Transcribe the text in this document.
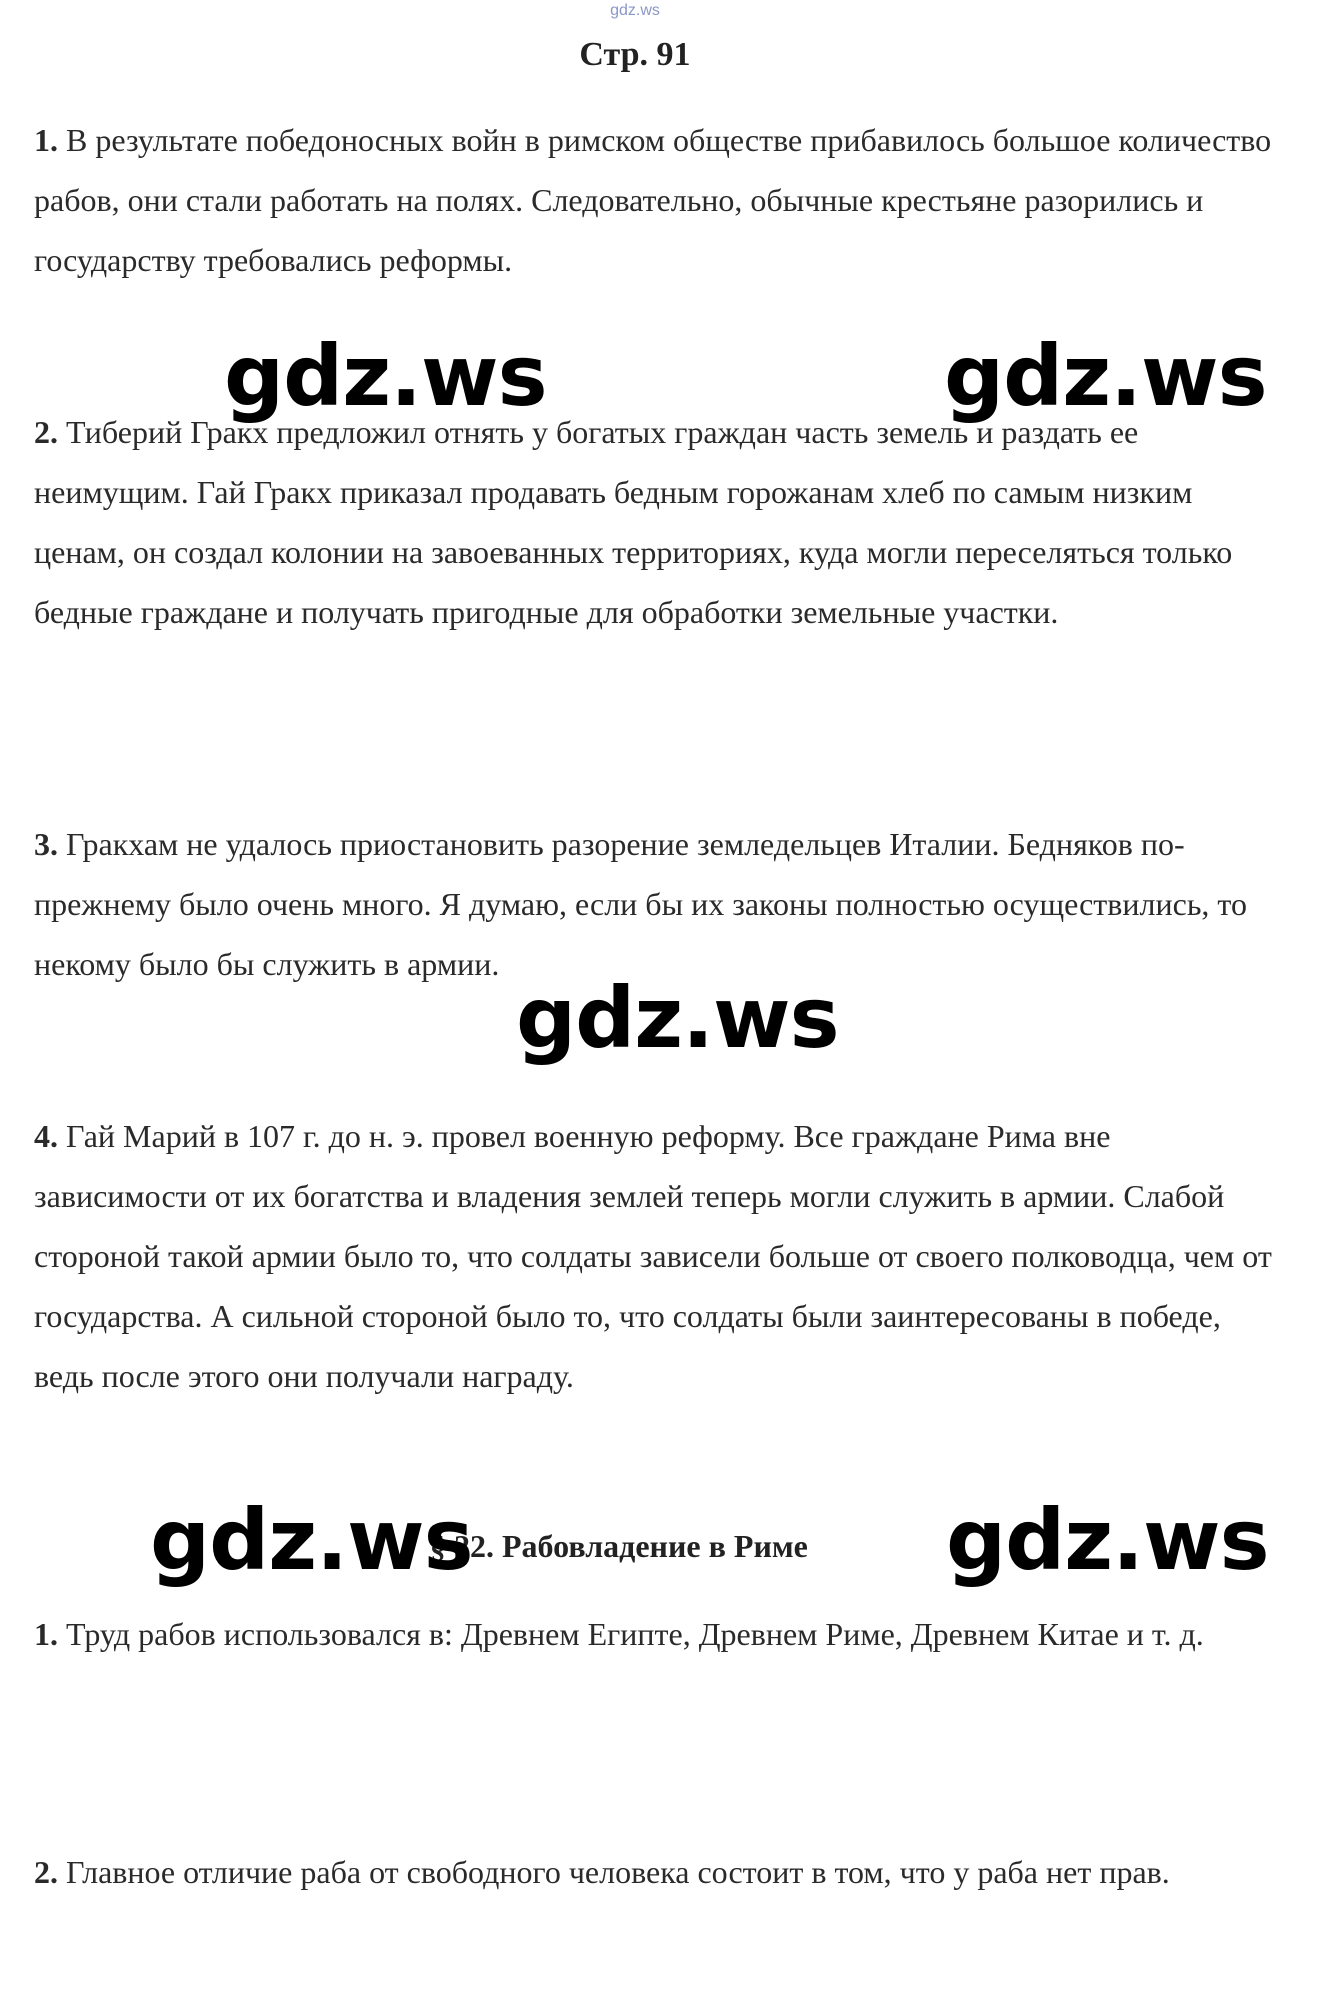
gdz.ws
Стр. 91

1. В результате победоносных войн в римском обществе прибавилось большое количество рабов, они стали работать на полях. Следовательно, обычные крестьяне разорились и государству требовались реформы.

2. Тиберий Гракх предложил отнять у богатых граждан часть земель и раздать ее неимущим. Гай Гракх приказал продавать бедным горожанам хлеб по самым низким ценам, он создал колонии на завоеванных территориях, куда могли переселяться только бедные граждане и получать пригодные для обработки земельные участки.

3. Гракхам не удалось приостановить разорение земледельцев Италии. Бедняков по-прежнему было очень много. Я думаю, если бы их законы полностью осуществились, то некому было бы служить в армии.

4. Гай Марий в 107 г. до н. э. провел военную реформу. Все граждане Рима вне зависимости от их богатства и владения землей теперь могли служить в армии. Слабой стороной такой армии было то, что солдаты зависели больше от своего полководца, чем от государства. А сильной стороной было то, что солдаты были заинтересованы в победе, ведь после этого они получали награду.

§ 22. Рабовладение в Риме

1. Труд рабов использовался в: Древнем Египте, Древнем Риме, Древнем Китае и т. д.

2. Главное отличие раба от свободного человека состоит в том, что у раба нет прав.

gdz.ws	gdz.ws
gdz.ws
gdz.ws	gdz.ws
